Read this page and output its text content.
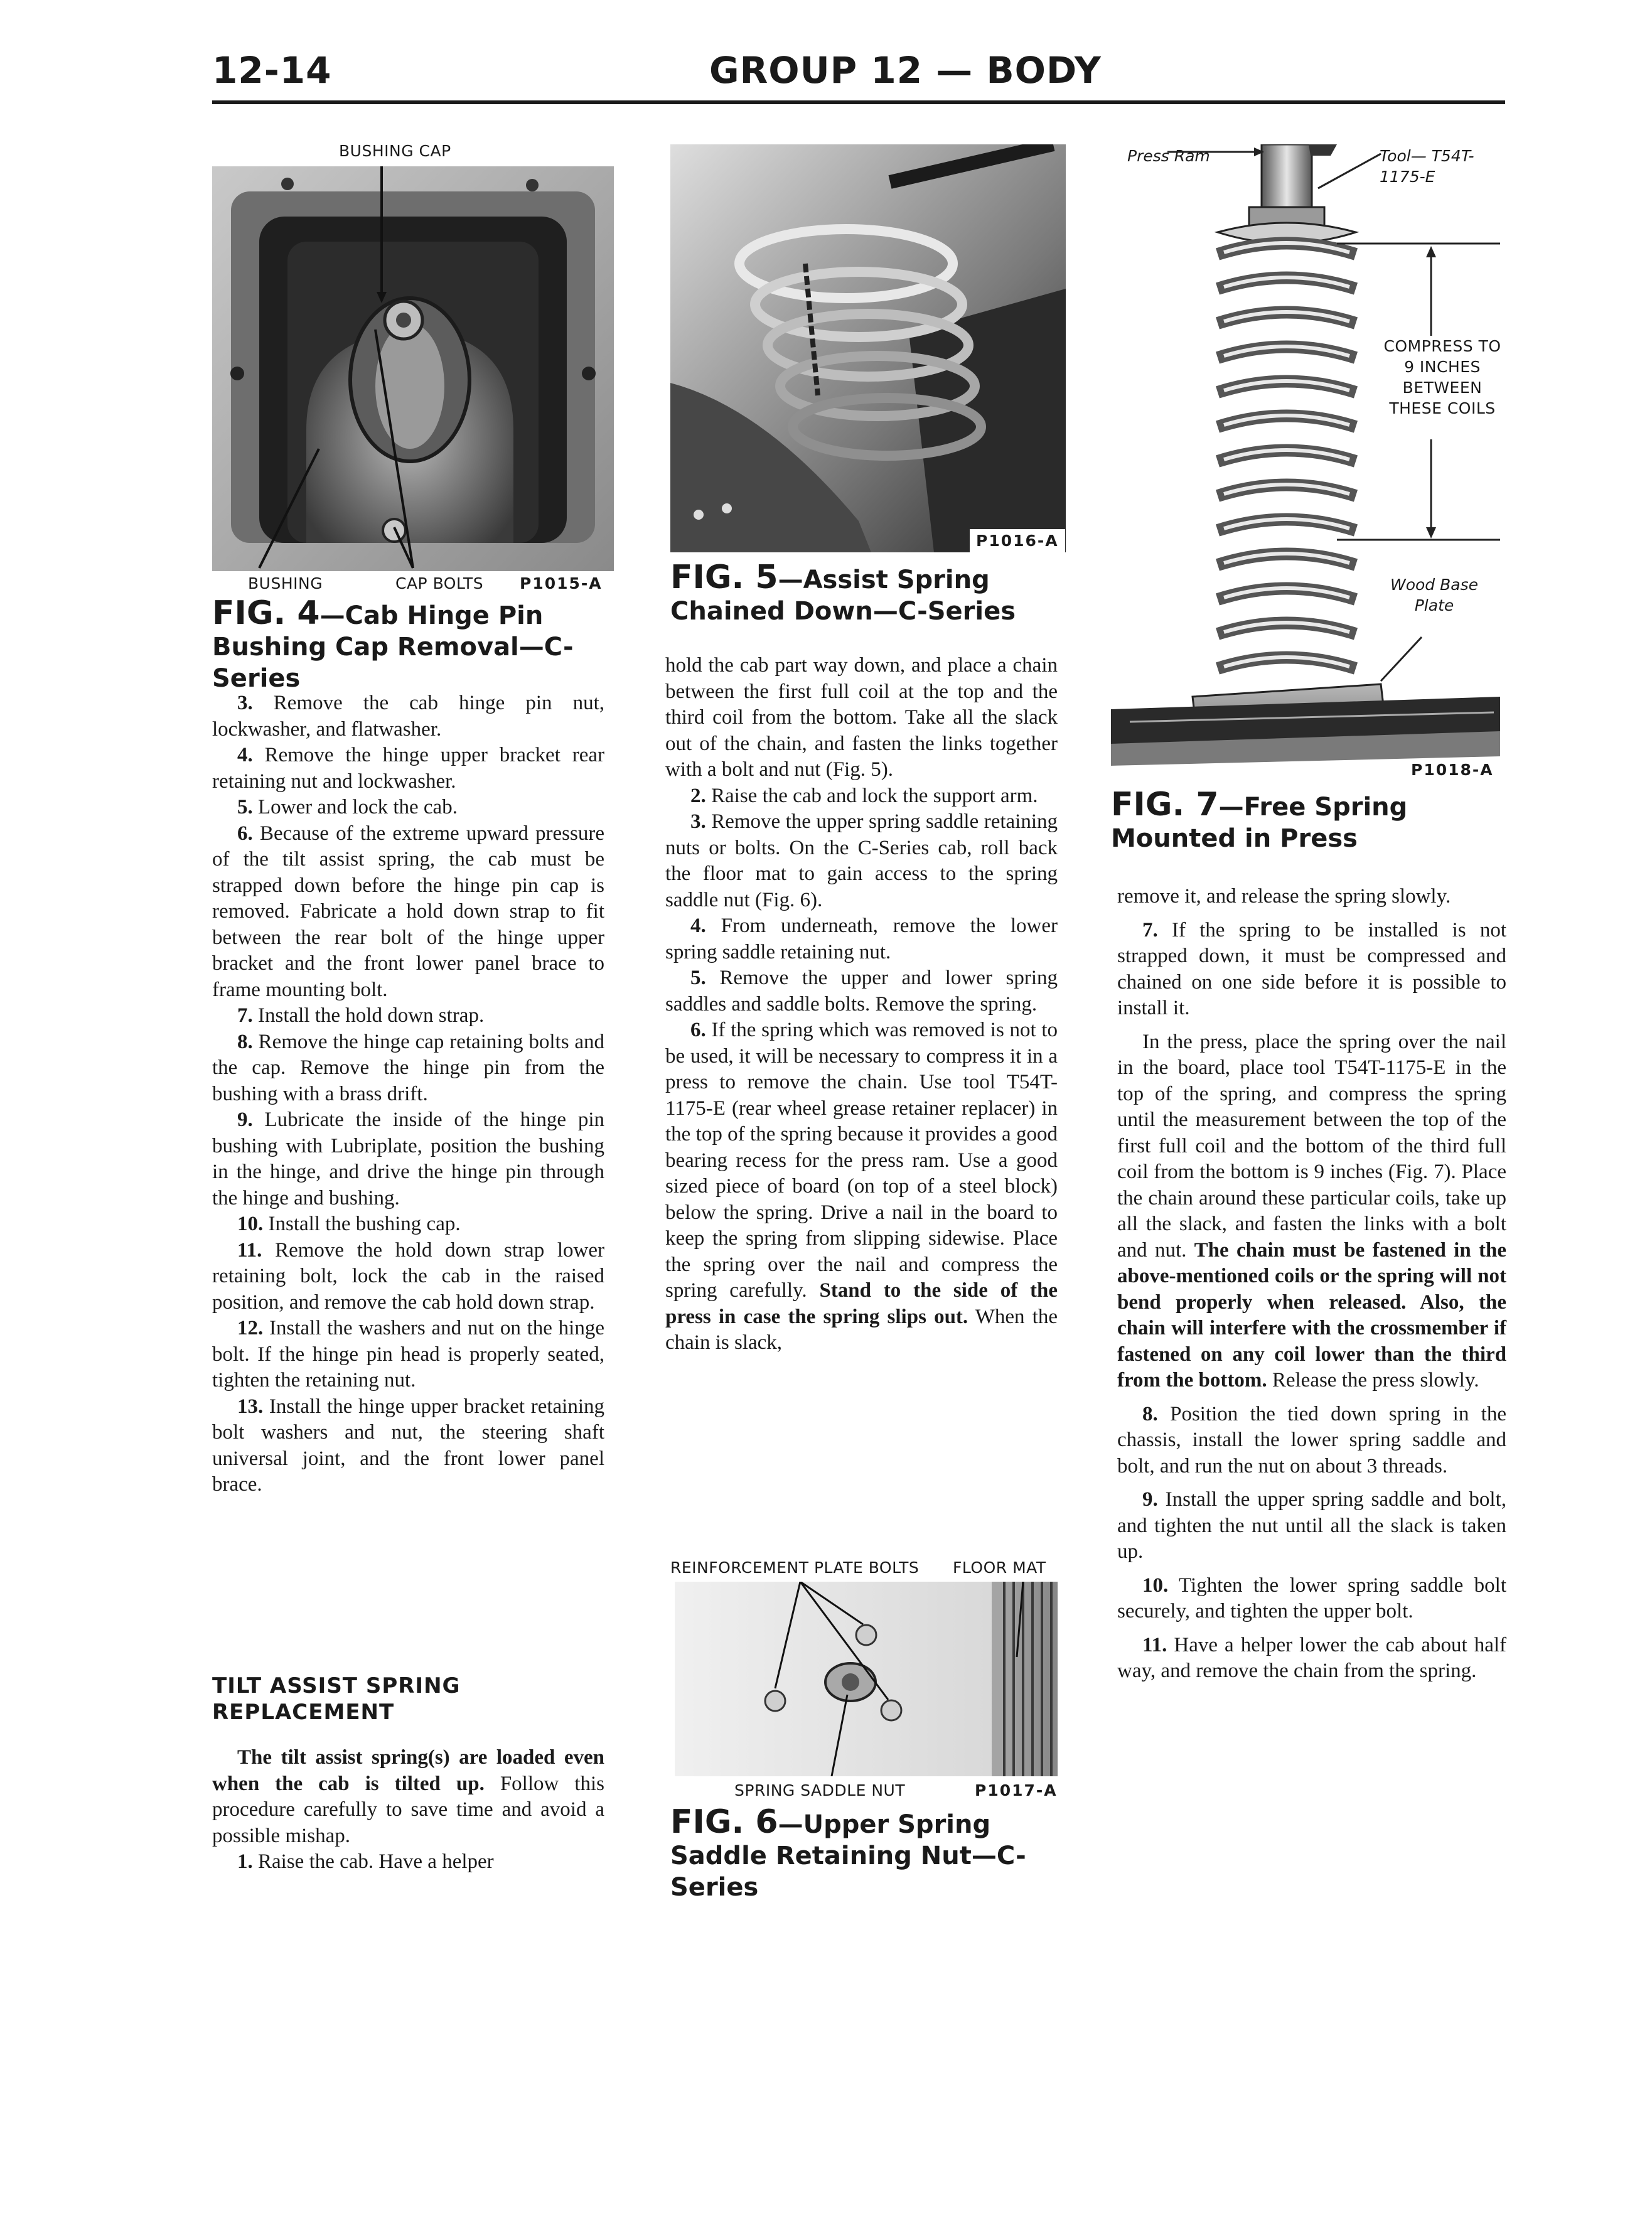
12-14	GROUP 12 — BODY
BUSHING CAP
BUSHING	CAP BOLTS P1015-A
FIG. 4—Cab Hinge Pin Bushing Cap Removal—C-Series
P1016-A
FIG. 5—Assist Spring Chained Down—C-Series
Press Ram	Tool— T54T-1175-E
COMPRESS TO 9 INCHES BETWEEN THESE COILS
Wood Base Plate
P1018-A
FIG. 7—Free Spring Mounted in Press

3. Remove the cab hinge pin nut, lockwasher, and flatwasher.

4. Remove the hinge upper bracket rear retaining nut and lockwasher.

5. Lower and lock the cab.

6. Because of the extreme upward pressure of the tilt assist spring, the cab must be strapped down before the hinge pin cap is removed. Fabricate a hold down strap to fit between the rear bolt of the hinge upper bracket and the front lower panel brace to frame mounting bolt.

7. Install the hold down strap.

8. Remove the hinge cap retaining bolts and the cap. Remove the hinge pin from the bushing with a brass drift.

9. Lubricate the inside of the hinge pin bushing with Lubriplate, position the bushing in the hinge, and drive the hinge pin through the hinge and bushing.

10. Install the bushing cap.

11. Remove the hold down strap lower retaining bolt, lock the cab in the raised position, and remove the cab hold down strap.

12. Install the washers and nut on the hinge bolt. If the hinge pin head is properly seated, tighten the retaining nut.

13. Install the hinge upper bracket retaining bolt washers and nut, the steering shaft universal joint, and the front lower panel brace.

TILT ASSIST SPRING REPLACEMENT

The tilt assist spring(s) are loaded even when the cab is tilted up. Follow this procedure carefully to save time and avoid a possible mishap.

1. Raise the cab. Have a helper

hold the cab part way down, and place a chain between the first full coil at the top and the third coil from the bottom. Take all the slack out of the chain, and fasten the links together with a bolt and nut (Fig. 5).

2. Raise the cab and lock the support arm.

3. Remove the upper spring saddle retaining nuts or bolts. On the C-Series cab, roll back the floor mat to gain access to the spring saddle nut (Fig. 6).

4. From underneath, remove the lower spring saddle retaining nut.

5. Remove the upper and lower spring saddles and saddle bolts. Remove the spring.

6. If the spring which was removed is not to be used, it will be necessary to compress it in a press to remove the chain. Use tool T54T-1175-E (rear wheel grease retainer replacer) in the top of the spring because it provides a good bearing recess for the press ram. Use a good sized piece of board (on top of a steel block) below the spring. Drive a nail in the board to keep the spring from slipping sidewise. Place the spring over the nail and compress the spring carefully. Stand to the side of the press in case the spring slips out. When the chain is slack,

REINFORCEMENT PLATE BOLTS FLOOR MAT
SPRING SADDLE NUT	P1017-A
FIG. 6—Upper Spring Saddle Retaining Nut—C-Series

remove it, and release the spring slowly.

7. If the spring to be installed is not strapped down, it must be compressed and chained on one side before it is possible to install it.

In the press, place the spring over the nail in the board, place tool T54T-1175-E in the top of the spring, and compress the spring until the measurement between the top of the first full coil and the bottom of the third full coil from the bottom is 9 inches (Fig. 7). Place the chain around these particular coils, take up all the slack, and fasten the links with a bolt and nut. The chain must be fastened in the above-mentioned coils or the spring will not bend properly when released. Also, the chain will interfere with the crossmember if fastened on any coil lower than the third from the bottom. Release the press slowly.

8. Position the tied down spring in the chassis, install the lower spring saddle and bolt, and run the nut on about 3 threads.

9. Install the upper spring saddle and bolt, and tighten the nut until all the slack is taken up.

10. Tighten the lower spring saddle bolt securely, and tighten the upper bolt.

11. Have a helper lower the cab about half way, and remove the chain from the spring.
